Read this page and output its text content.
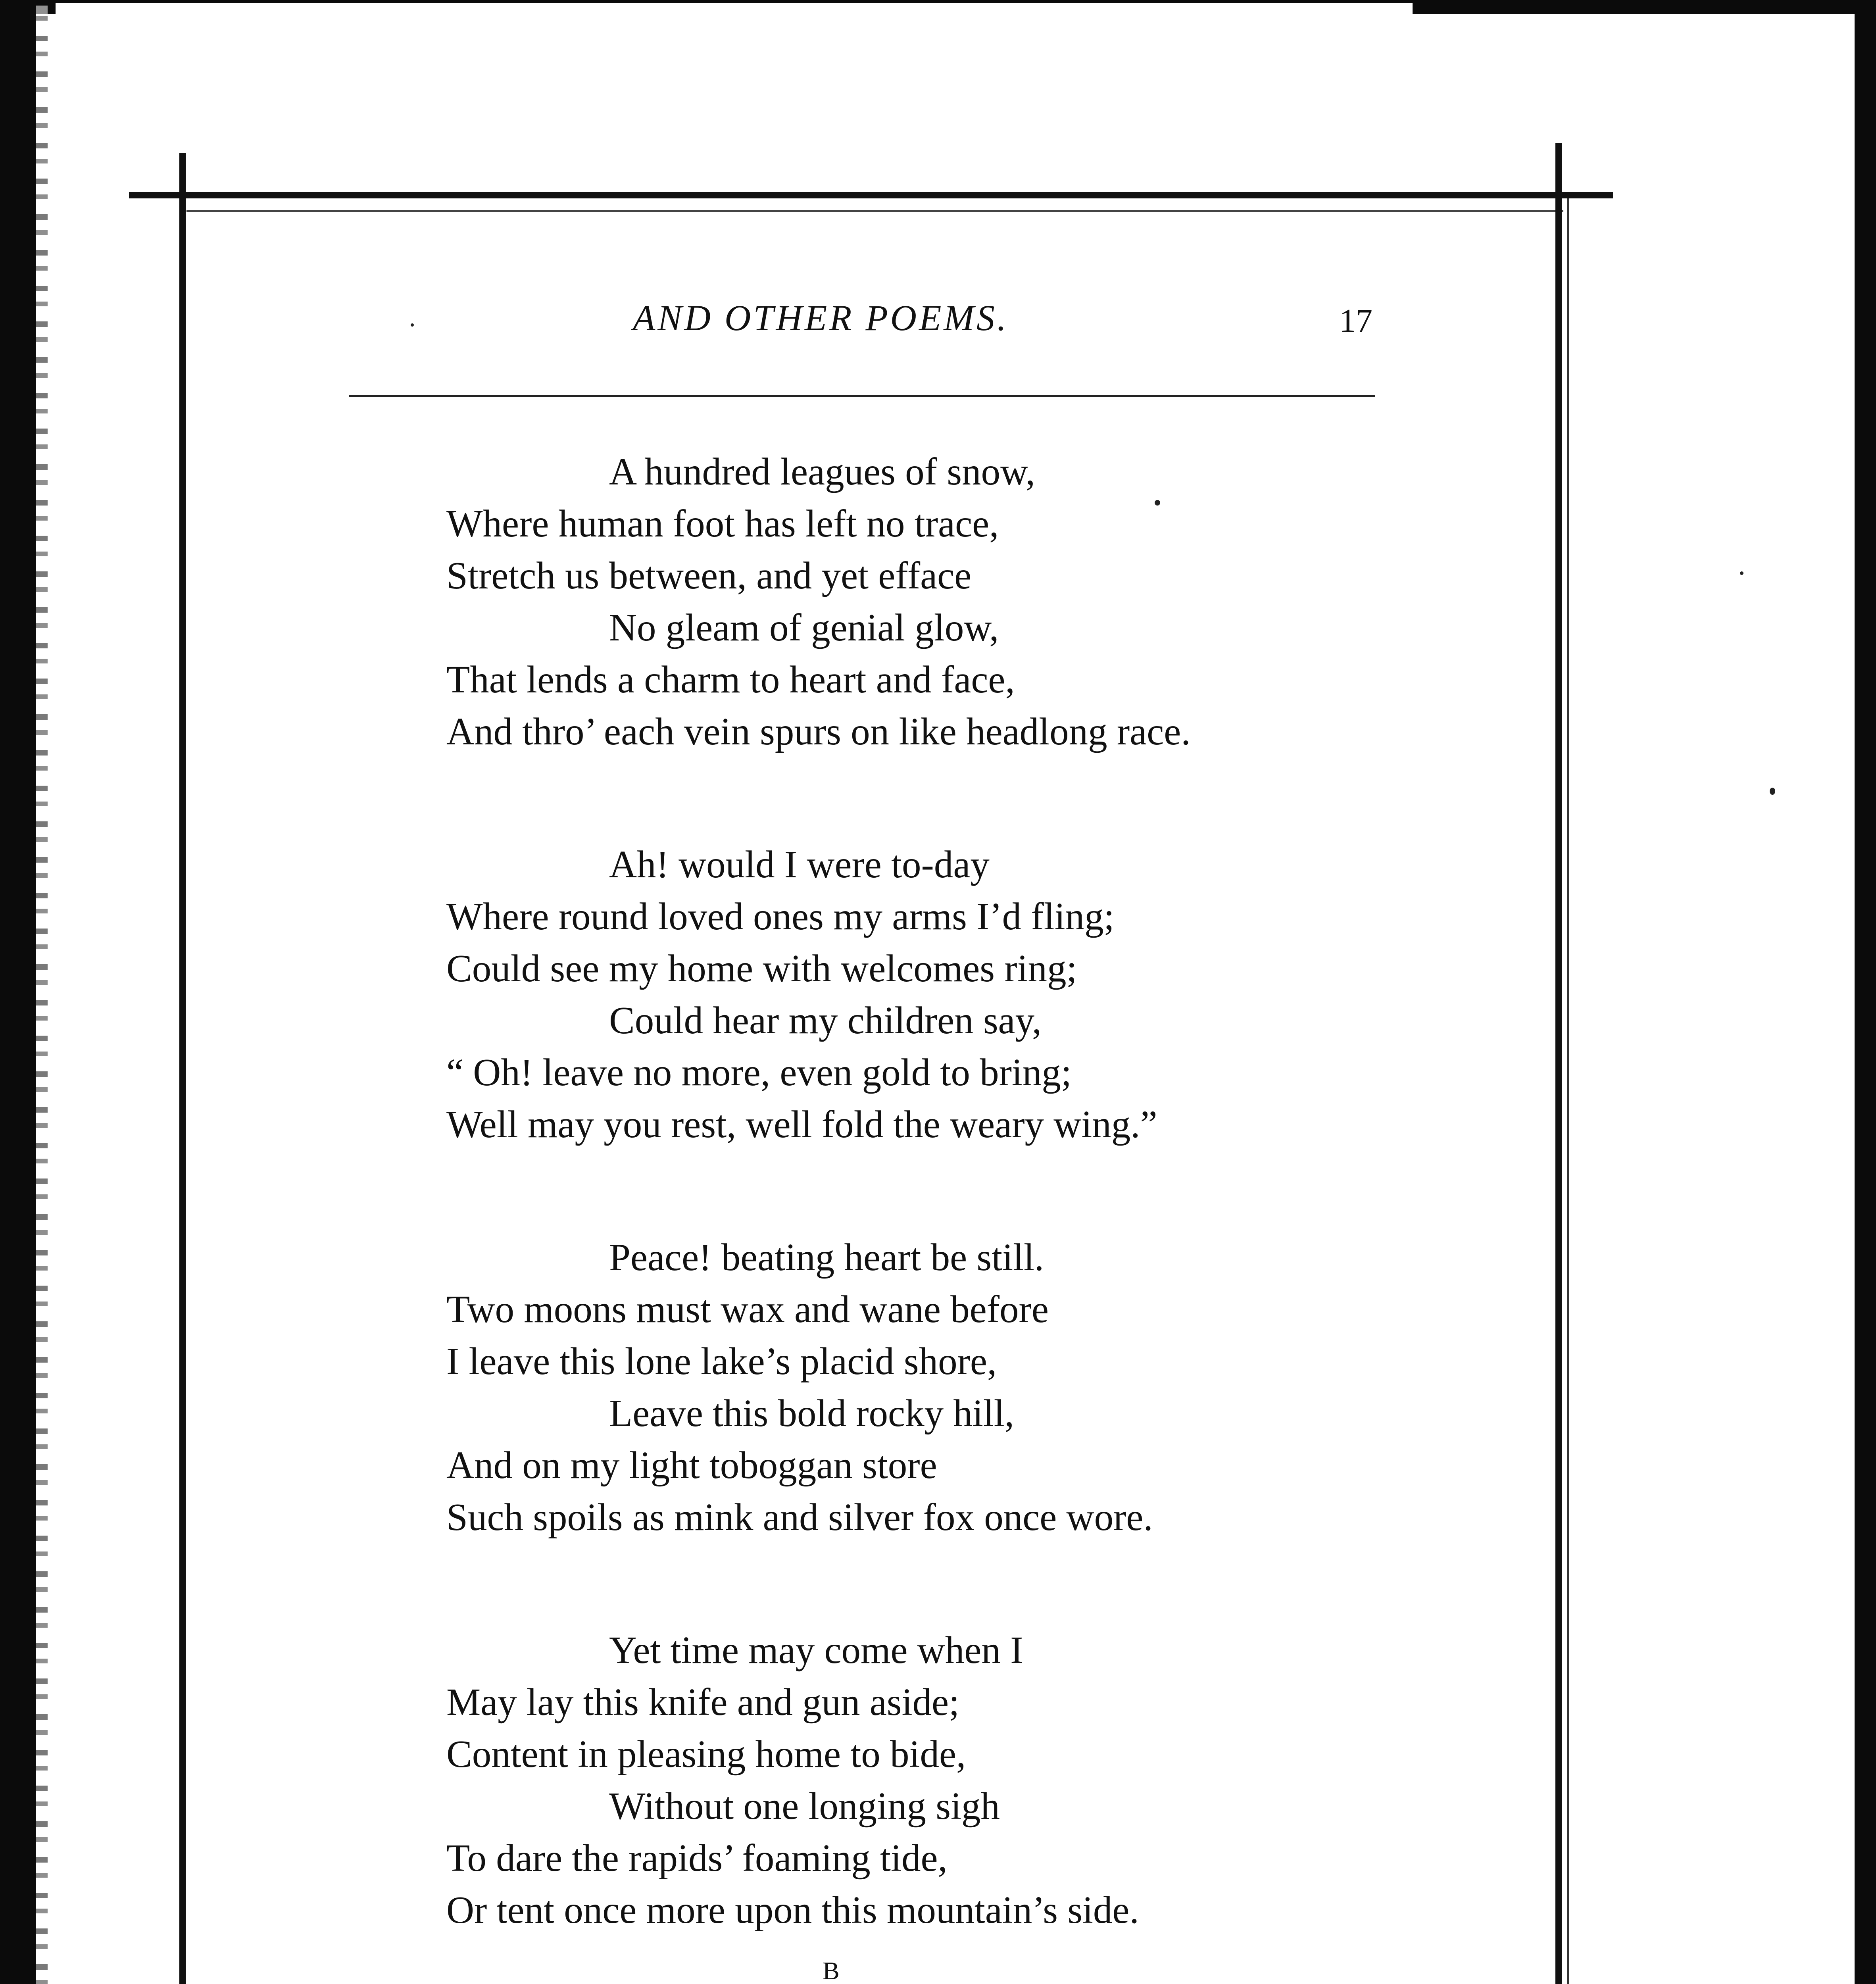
AND OTHER POEMS.	17
A hundred leagues of snow,
Where human foot has left no trace,
Stretch us between, and yet efface
No gleam of genial glow,
That lends a charm to heart and face,
And thro’ each vein spurs on like headlong race.
Ah! would I were to-day
Where round loved ones my arms I’d fling;
Could see my home with welcomes ring;
Could hear my children say,
“ Oh! leave no more, even gold to bring;
Well may you rest, well fold the weary wing.”
Peace! beating heart be still.
Two moons must wax and wane before
I leave this lone lake’s placid shore,
Leave this bold rocky hill,
And on my light toboggan store
Such spoils as mink and silver fox once wore.
Yet time may come when I
May lay this knife and gun aside;
Content in pleasing home to bide,
Without one longing sigh
To dare the rapids’ foaming tide,
Or tent once more upon this mountain’s side.
B
